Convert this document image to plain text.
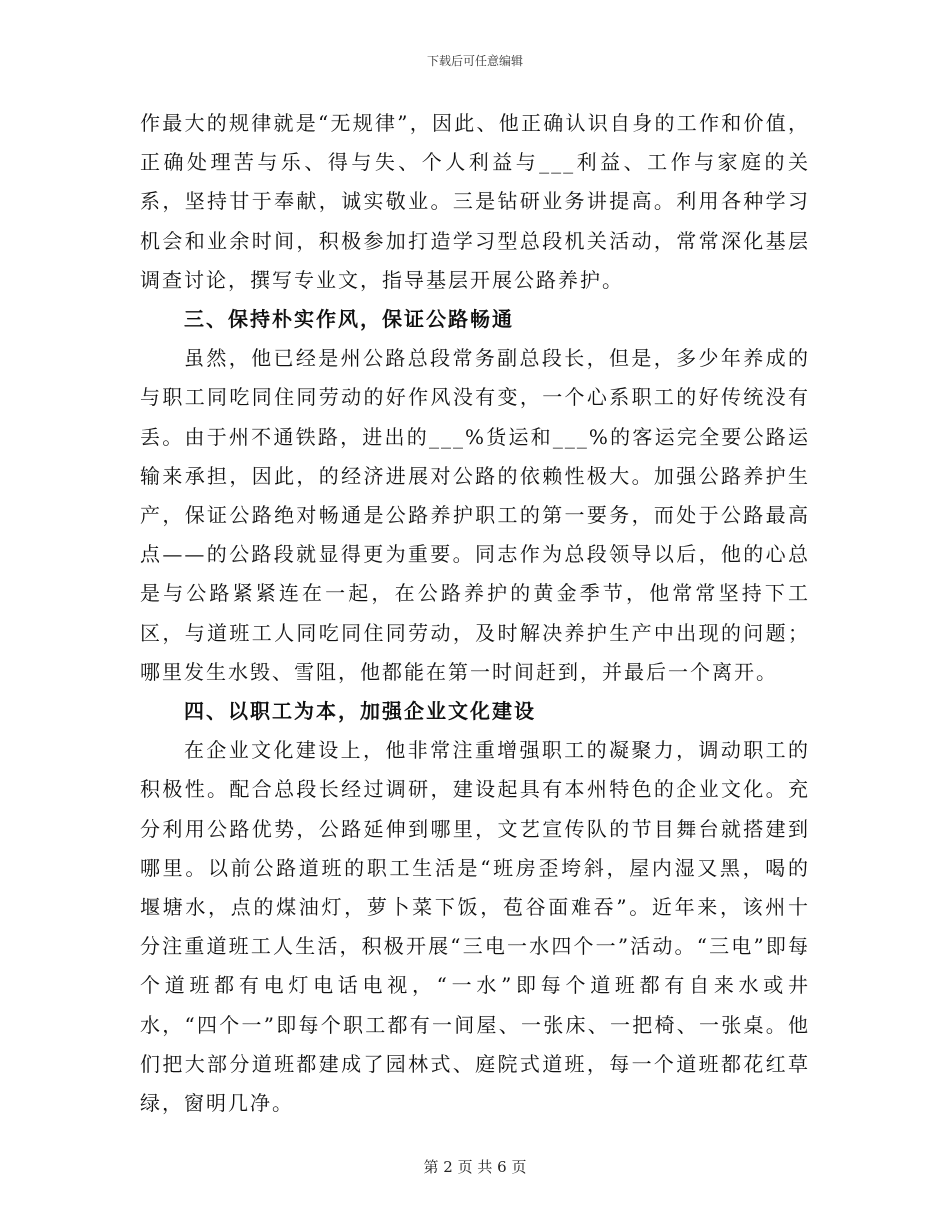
下载后可任意编辑

作最大的规律就是“无规律”，因此、他正确认识自身的工作和价值，正确处理苦与乐、得与失、个人利益与___利益、工作与家庭的关系，坚持甘于奉献，诚实敬业。三是钻研业务讲提高。利用各种学习机会和业余时间，积极参加打造学习型总段机关活动，常常深化基层调查讨论，撰写专业文，指导基层开展公路养护。

三、保持朴实作风，保证公路畅通

虽然，他已经是州公路总段常务副总段长，但是，多少年养成的与职工同吃同住同劳动的好作风没有变，一个心系职工的好传统没有丢。由于州不通铁路，进出的___%货运和___%的客运完全要公路运输来承担，因此，的经济进展对公路的依赖性极大。加强公路养护生产，保证公路绝对畅通是公路养护职工的第一要务，而处于公路最高点——的公路段就显得更为重要。同志作为总段领导以后，他的心总是与公路紧紧连在一起，在公路养护的黄金季节，他常常坚持下工区，与道班工人同吃同住同劳动，及时解决养护生产中出现的问题；哪里发生水毁、雪阻，他都能在第一时间赶到，并最后一个离开。

四、以职工为本，加强企业文化建设

在企业文化建设上，他非常注重增强职工的凝聚力，调动职工的积极性。配合总段长经过调研，建设起具有本州特色的企业文化。充分利用公路优势，公路延伸到哪里，文艺宣传队的节目舞台就搭建到哪里。以前公路道班的职工生活是“班房歪垮斜，屋内湿又黑，喝的堰塘水，点的煤油灯，萝卜菜下饭，苞谷面难吞”。近年来，该州十分注重道班工人生活，积极开展“三电一水四个一”活动。“三电”即每个道班都有电灯电话电视，“一水”即每个道班都有自来水或井水，“四个一”即每个职工都有一间屋、一张床、一把椅、一张桌。他们把大部分道班都建成了园林式、庭院式道班，每一个道班都花红草绿，窗明几净。

第 2 页 共 6 页
